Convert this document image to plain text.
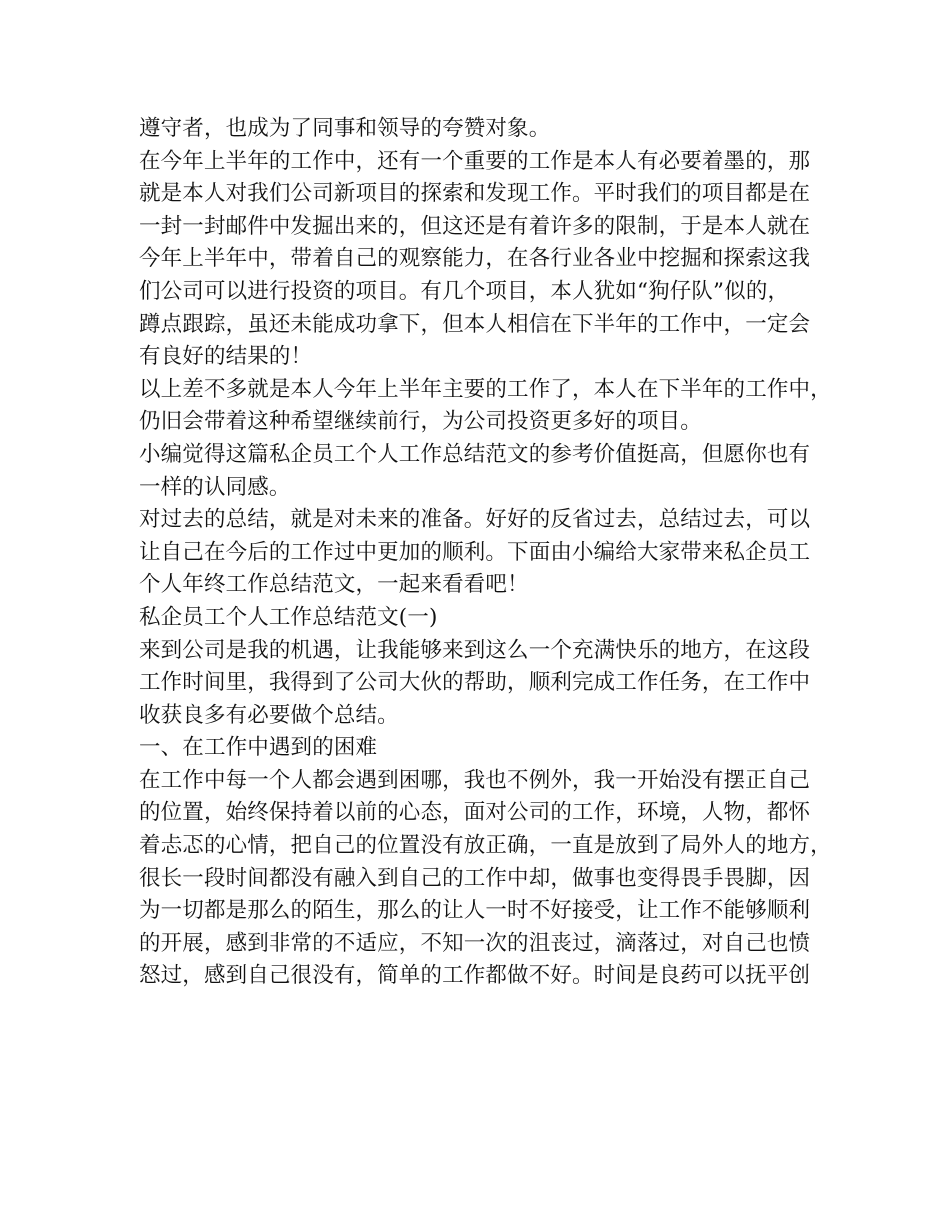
遵守者，也成为了同事和领导的夸赞对象。
在今年上半年的工作中，还有一个重要的工作是本人有必要着墨的，那
就是本人对我们公司新项目的探索和发现工作。平时我们的项目都是在
一封一封邮件中发掘出来的，但这还是有着许多的限制，于是本人就在
今年上半年中，带着自己的观察能力，在各行业各业中挖掘和探索这我
们公司可以进行投资的项目。有几个项目，本人犹如“狗仔队”似的，
蹲点跟踪，虽还未能成功拿下，但本人相信在下半年的工作中，一定会
有良好的结果的！
以上差不多就是本人今年上半年主要的工作了，本人在下半年的工作中，
仍旧会带着这种希望继续前行，为公司投资更多好的项目。
小编觉得这篇私企员工个人工作总结范文的参考价值挺高，但愿你也有
一样的认同感。
对过去的总结，就是对未来的准备。好好的反省过去，总结过去，可以
让自己在今后的工作过中更加的顺利。下面由小编给大家带来私企员工
个人年终工作总结范文，一起来看看吧！
私企员工个人工作总结范文(一)
来到公司是我的机遇，让我能够来到这么一个充满快乐的地方，在这段
工作时间里，我得到了公司大伙的帮助，顺利完成工作任务，在工作中
收获良多有必要做个总结。
一、在工作中遇到的困难
在工作中每一个人都会遇到困哪，我也不例外，我一开始没有摆正自己
的位置，始终保持着以前的心态，面对公司的工作，环境，人物，都怀
着忐忑的心情，把自己的位置没有放正确，一直是放到了局外人的地方，
很长一段时间都没有融入到自己的工作中却，做事也变得畏手畏脚，因
为一切都是那么的陌生，那么的让人一时不好接受，让工作不能够顺利
的开展，感到非常的不适应，不知一次的沮丧过，滴落过，对自己也愤
怒过，感到自己很没有，简单的工作都做不好。时间是良药可以抚平创
